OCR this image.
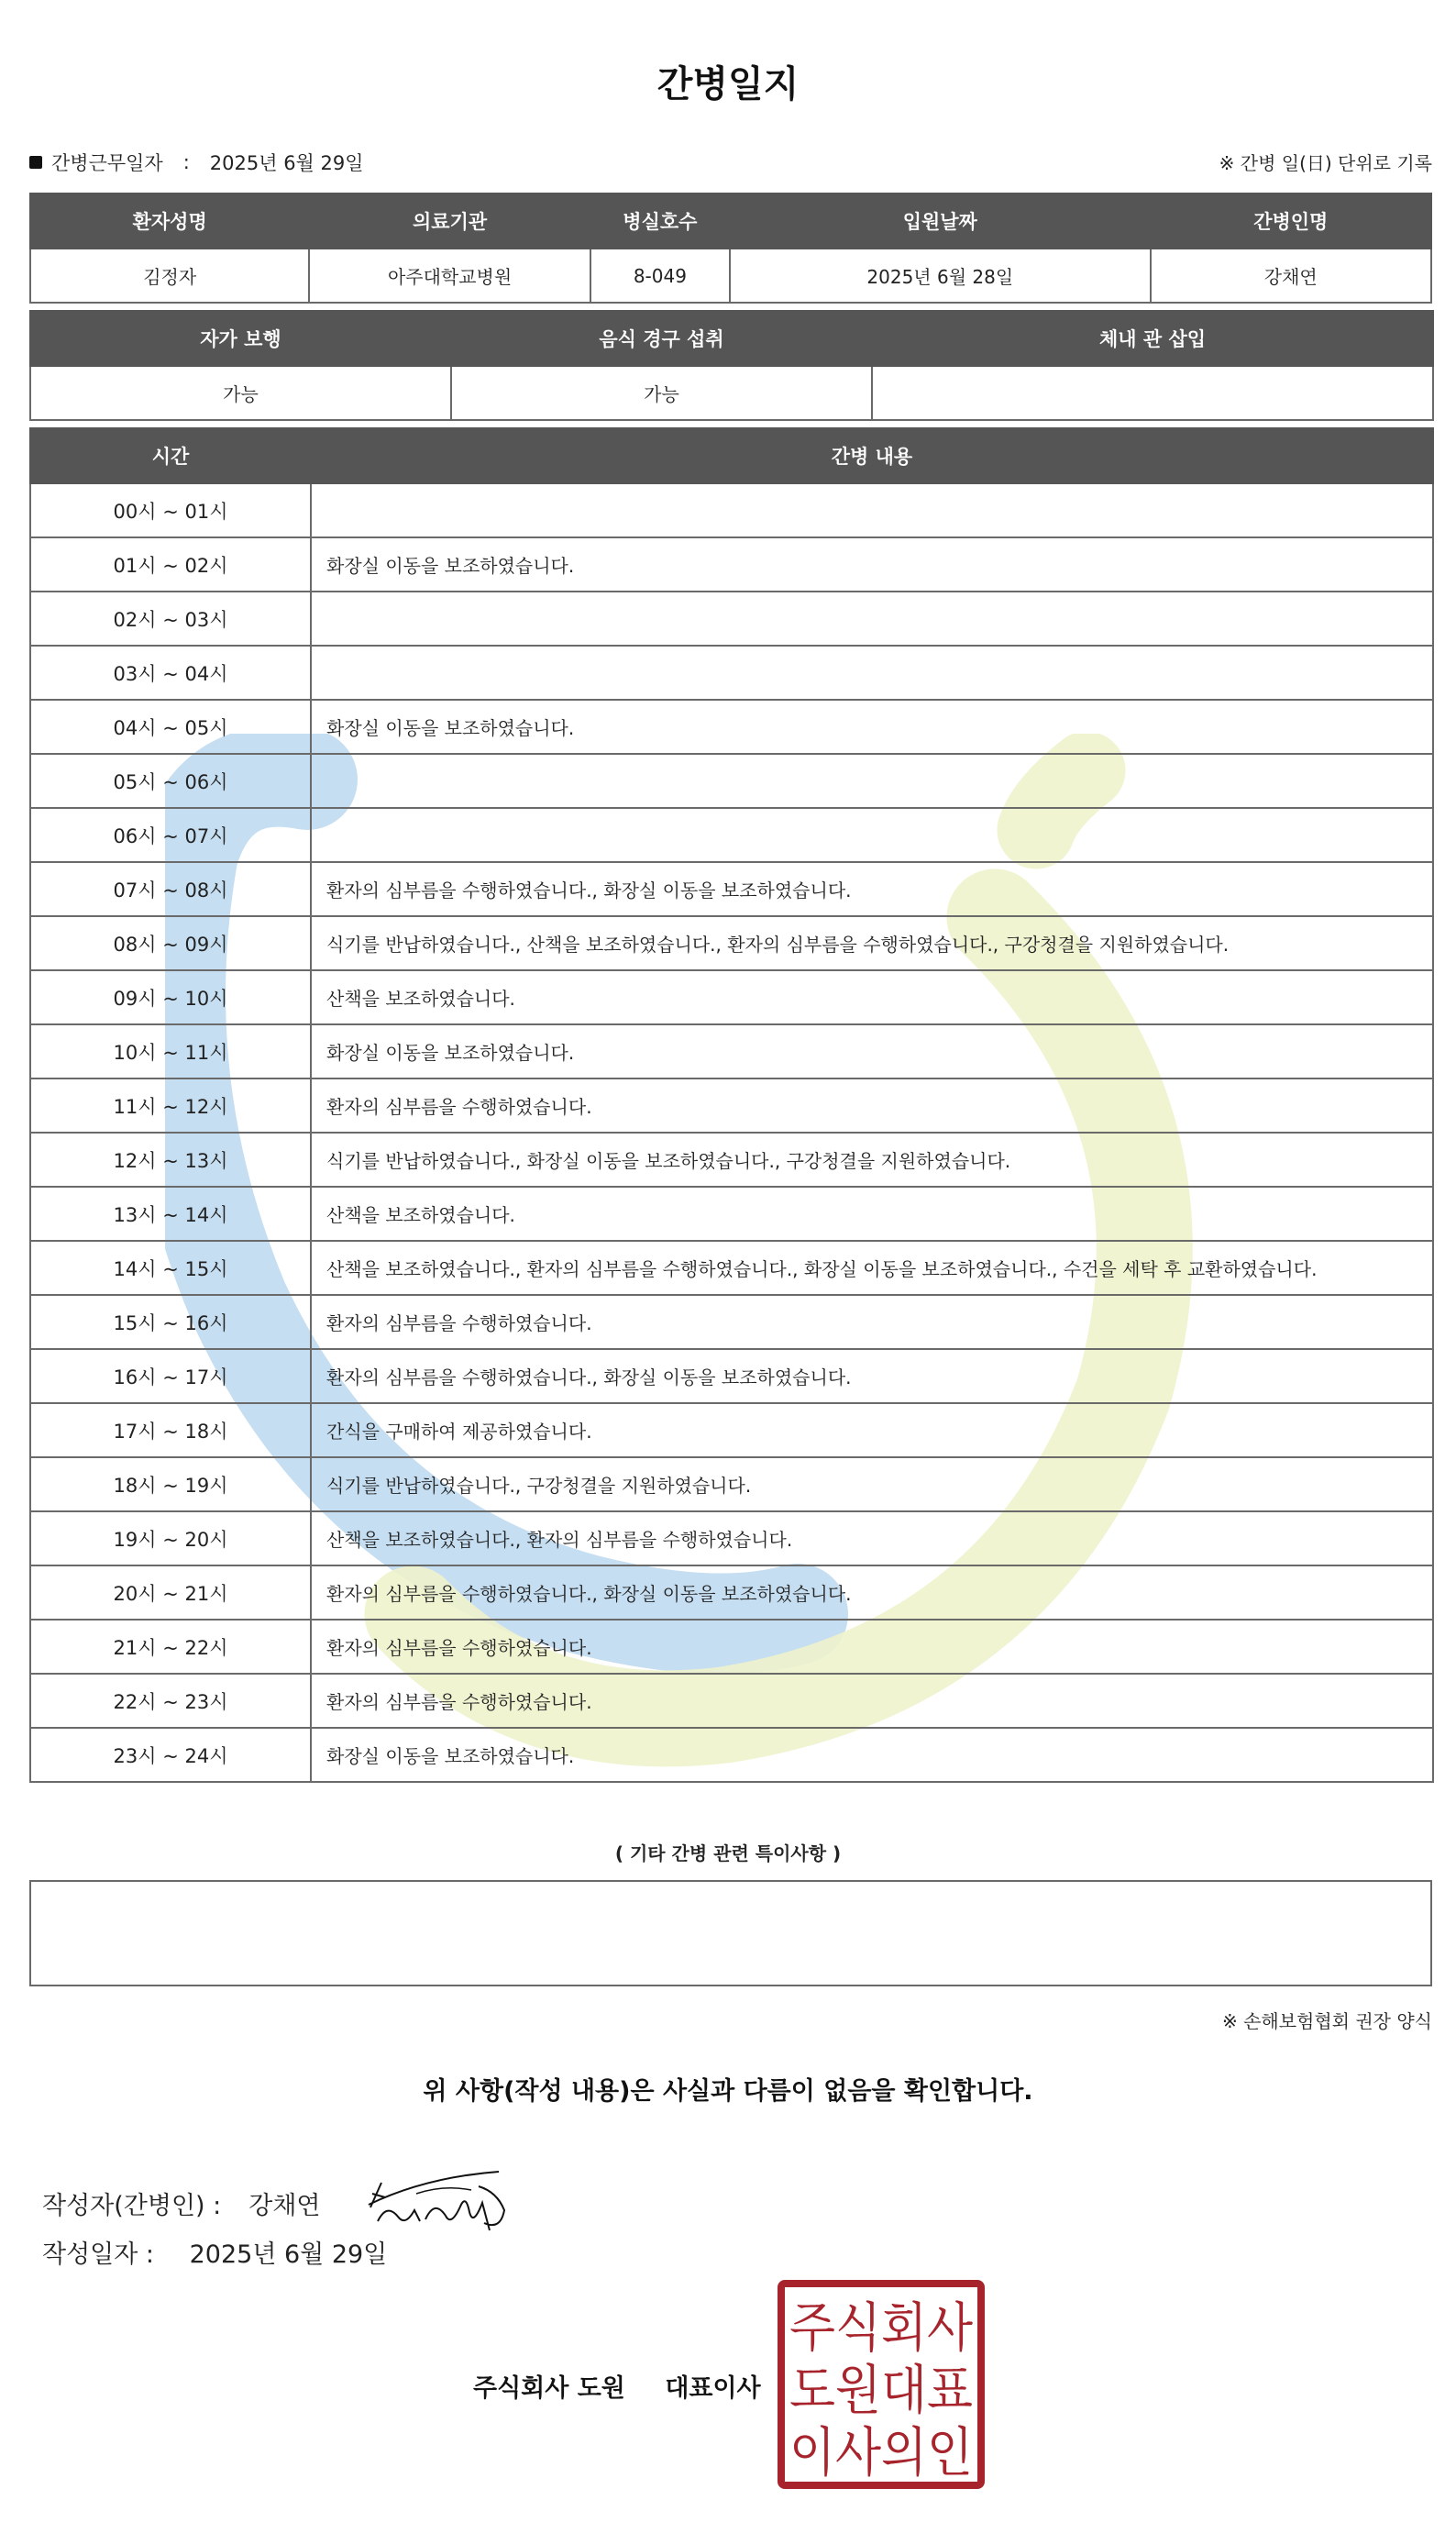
간병일지
간병근무일자 : 2025년 6월 29일	※ 간병 일(日) 단위로 기록
환자성명	의료기관	병실호수	입원날짜	간병인명
김정자	아주대학교병원	8-049	2025년 6월 28일	강채연
자가 보행	음식 경구 섭취	체내 관 삽입
가능	가능	
시간	간병 내용
00시 ~ 01시	
01시 ~ 02시	화장실 이동을 보조하였습니다.
02시 ~ 03시	
03시 ~ 04시	
04시 ~ 05시	화장실 이동을 보조하였습니다.
05시 ~ 06시	
06시 ~ 07시	
07시 ~ 08시	환자의 심부름을 수행하였습니다., 화장실 이동을 보조하였습니다.
08시 ~ 09시	식기를 반납하였습니다., 산책을 보조하였습니다., 환자의 심부름을 수행하였습니다., 구강청결을 지원하였습니다.
09시 ~ 10시	산책을 보조하였습니다.
10시 ~ 11시	화장실 이동을 보조하였습니다.
11시 ~ 12시	환자의 심부름을 수행하였습니다.
12시 ~ 13시	식기를 반납하였습니다., 화장실 이동을 보조하였습니다., 구강청결을 지원하였습니다.
13시 ~ 14시	산책을 보조하였습니다.
14시 ~ 15시	산책을 보조하였습니다., 환자의 심부름을 수행하였습니다., 화장실 이동을 보조하였습니다., 수건을 세탁 후 교환하였습니다.
15시 ~ 16시	환자의 심부름을 수행하였습니다.
16시 ~ 17시	환자의 심부름을 수행하였습니다., 화장실 이동을 보조하였습니다.
17시 ~ 18시	간식을 구매하여 제공하였습니다.
18시 ~ 19시	식기를 반납하였습니다., 구강청결을 지원하였습니다.
19시 ~ 20시	산책을 보조하였습니다., 환자의 심부름을 수행하였습니다.
20시 ~ 21시	환자의 심부름을 수행하였습니다., 화장실 이동을 보조하였습니다.
21시 ~ 22시	환자의 심부름을 수행하였습니다.
22시 ~ 23시	환자의 심부름을 수행하였습니다.
23시 ~ 24시	화장실 이동을 보조하였습니다.
( 기타 간병 관련 특이사항 )
※ 손해보험협회 권장 양식
위 사항(작성 내용)은 사실과 다름이 없음을 확인합니다.
작성자(간병인) : 강채연
작성일자 : 2025년 6월 29일
주식회사 도원 대표이사
주식회사
도원대표
이사의인
